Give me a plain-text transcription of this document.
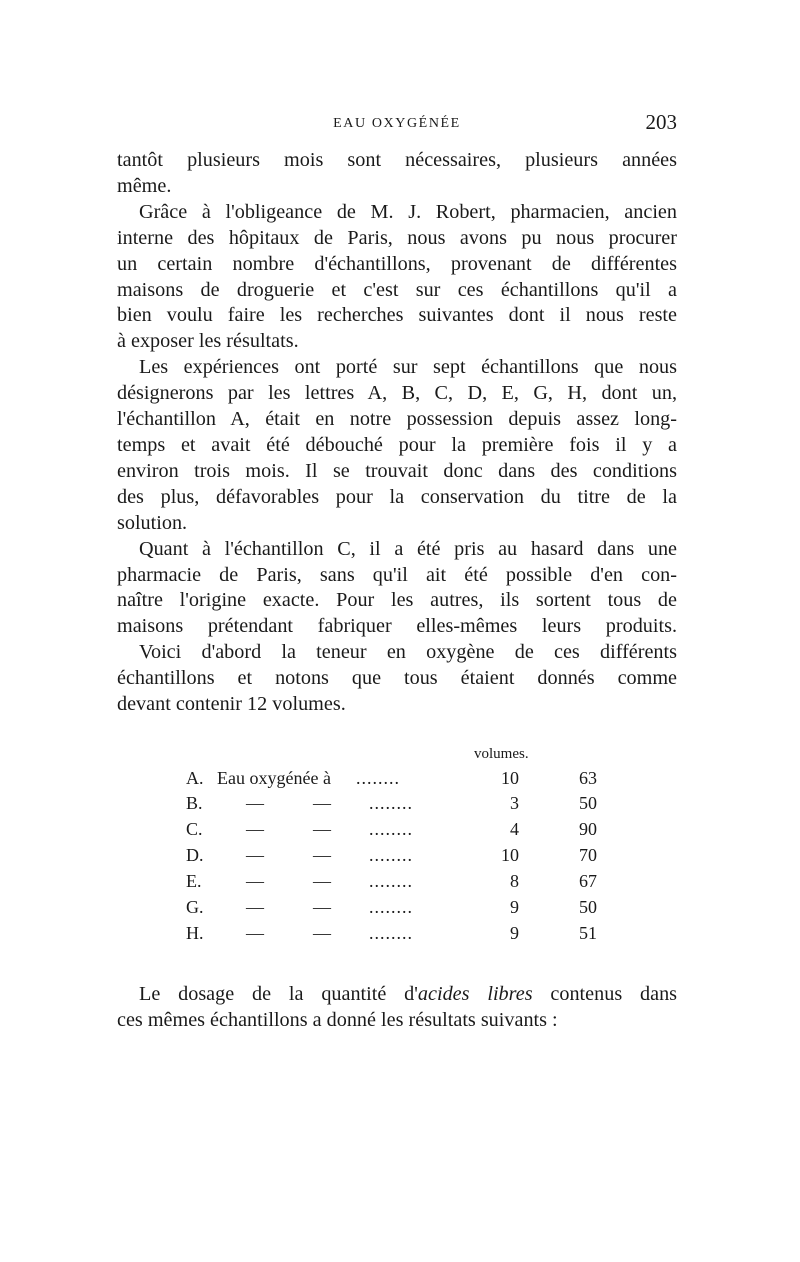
EAU OXYGÉNÉE	203

tantôt plusieurs mois sont nécessaires, plusieurs années
même.

Grâce à l'obligeance de M. J. Robert, pharmacien, ancien
interne des hôpitaux de Paris, nous avons pu nous procurer
un certain nombre d'échantillons, provenant de différentes
maisons de droguerie et c'est sur ces échantillons qu'il a
bien voulu faire les recherches suivantes dont il nous reste
à exposer les résultats.

Les expériences ont porté sur sept échantillons que nous
désignerons par les lettres A, B, C, D, E, G, H, dont un,
l'échantillon A, était en notre possession depuis assez long-
temps et avait été débouché pour la première fois il y a
environ trois mois. Il se trouvait donc dans des conditions
des plus, défavorables pour la conservation du titre de la
solution.

Quant à l'échantillon C, il a été pris au hasard dans une
pharmacie de Paris, sans qu'il ait été possible d'en con-
naître l'origine exacte. Pour les autres, ils sortent tous de
maisons prétendant fabriquer elles-mêmes leurs produits.

Voici d'abord la teneur en oxygène de ces différents
échantillons et notons que tous étaient donnés comme
devant contenir 12 volumes.

volumes.
A. Eau oxygénée à ........	10	63
B. —	— ........	3	50
C. —	— ........	4	90
D. —	— ........	10	70
E. —	— ........	8	67
G. —	— ........	9	50
H. —	— ........	9	51
Le dosage de la quantité d'acides libres contenus dans
ces mêmes échantillons a donné les résultats suivants :
